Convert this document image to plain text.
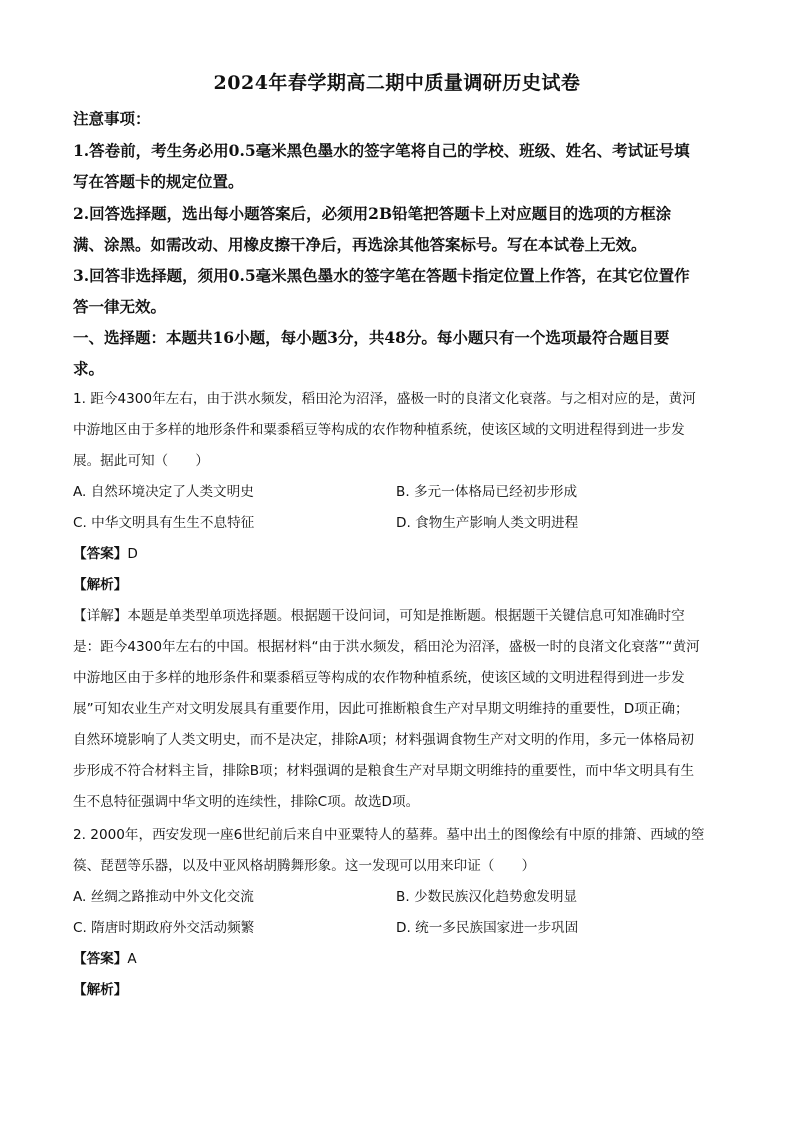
2024年春学期高二期中质量调研历史试卷
注意事项：
1.答卷前，考生务必用0.5毫米黑色墨水的签字笔将自己的学校、班级、姓名、考试证号填
写在答题卡的规定位置。
2.回答选择题，选出每小题答案后，必须用2B铅笔把答题卡上对应题目的选项的方框涂
满、涂黑。如需改动、用橡皮擦干净后，再选涂其他答案标号。写在本试卷上无效。
3.回答非选择题，须用0.5毫米黑色墨水的签字笔在答题卡指定位置上作答，在其它位置作
答一律无效。
一、选择题：本题共16小题，每小题3分，共48分。每小题只有一个选项最符合题目要
求。
1. 距今4300年左右，由于洪水频发，稻田沦为沼泽，盛极一时的良渚文化衰落。与之相对应的是，黄河
中游地区由于多样的地形条件和粟黍稻豆等构成的农作物种植系统，使该区域的文明进程得到进一步发
展。据此可知（　　）
A. 自然环境决定了人类文明史	B. 多元一体格局已经初步形成
C. 中华文明具有生生不息特征	D. 食物生产影响人类文明进程
【答案】D
【解析】
【详解】本题是单类型单项选择题。根据题干设问词，可知是推断题。根据题干关键信息可知准确时空
是：距今4300年左右的中国。根据材料“由于洪水频发，稻田沦为沼泽，盛极一时的良渚文化衰落”“黄河
中游地区由于多样的地形条件和粟黍稻豆等构成的农作物种植系统，使该区域的文明进程得到进一步发
展”可知农业生产对文明发展具有重要作用，因此可推断粮食生产对早期文明维持的重要性，D项正确；
自然环境影响了人类文明史，而不是决定，排除A项；材料强调食物生产对文明的作用，多元一体格局初
步形成不符合材料主旨，排除B项；材料强调的是粮食生产对早期文明维持的重要性，而中华文明具有生
生不息特征强调中华文明的连续性，排除C项。故选D项。
2. 2000年，西安发现一座6世纪前后来自中亚粟特人的墓葬。墓中出土的图像绘有中原的排箫、西域的箜
篌、琵琶等乐器，以及中亚风格胡腾舞形象。这一发现可以用来印证（　　）
A. 丝绸之路推动中外文化交流	B. 少数民族汉化趋势愈发明显
C. 隋唐时期政府外交活动频繁	D. 统一多民族国家进一步巩固
【答案】A
【解析】
